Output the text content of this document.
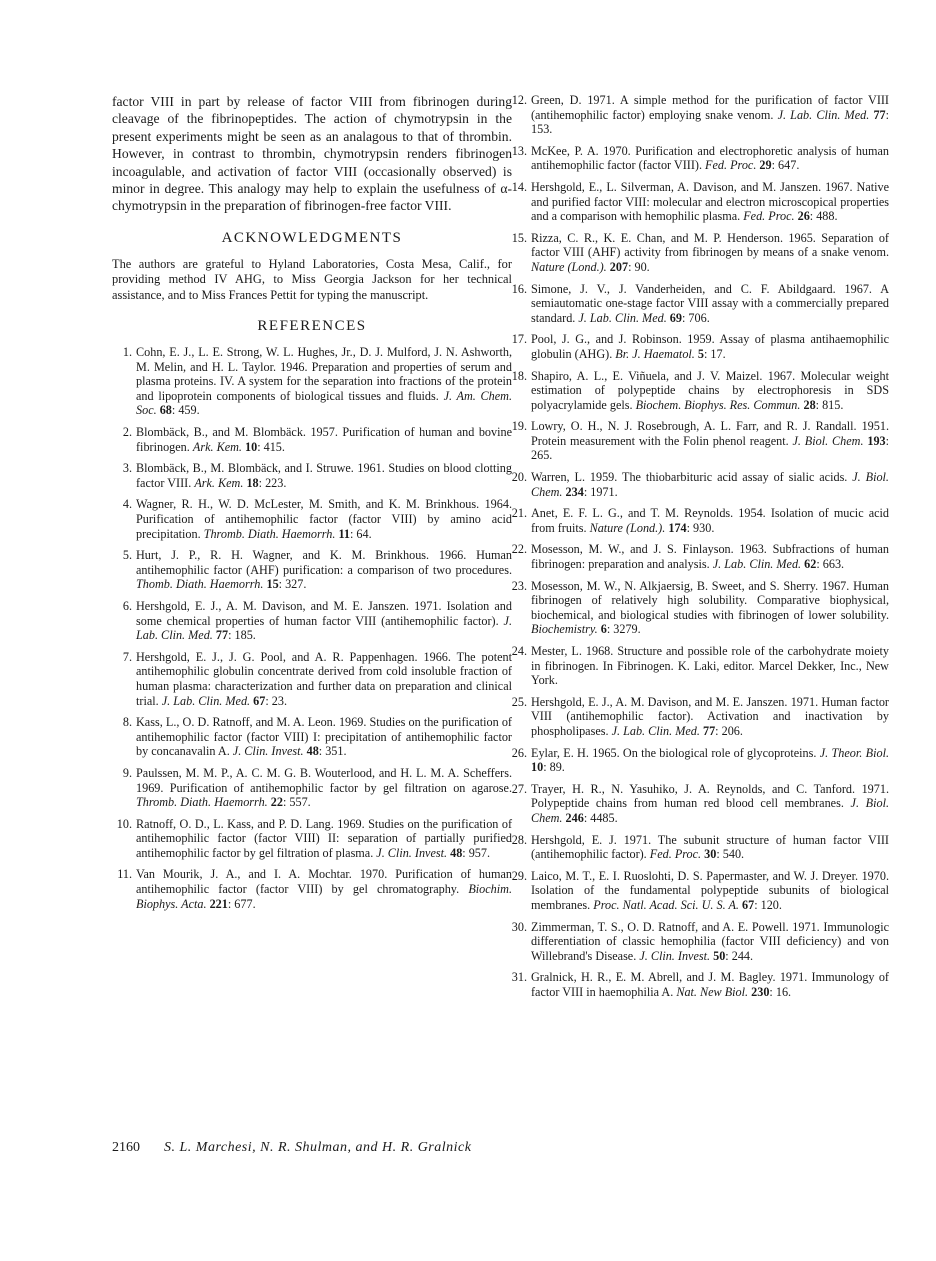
factor VIII in part by release of factor VIII from fibrinogen during cleavage of the fibrinopeptides. The action of chymotrypsin in the present experiments might be seen as an analagous to that of thrombin. However, in contrast to thrombin, chymotrypsin renders fibrinogen incoagulable, and activation of factor VIII (occasionally observed) is minor in degree. This analogy may help to explain the usefulness of α-chymotrypsin in the preparation of fibrinogen-free factor VIII.

ACKNOWLEDGMENTS

The authors are grateful to Hyland Laboratories, Costa Mesa, Calif., for providing method IV AHG, to Miss Georgia Jackson for her technical assistance, and to Miss Frances Pettit for typing the manuscript.

REFERENCES

1. Cohn, E. J., L. E. Strong, W. L. Hughes, Jr., D. J. Mulford, J. N. Ashworth, M. Melin, and H. L. Taylor. 1946. Preparation and properties of serum and plasma proteins. IV. A system for the separation into fractions of the protein and lipoprotein components of biological tissues and fluids. J. Am. Chem. Soc. 68: 459.

2. Blombäck, B., and M. Blombäck. 1957. Purification of human and bovine fibrinogen. Ark. Kem. 10: 415.

3. Blombäck, B., M. Blombäck, and I. Struwe. 1961. Studies on blood clotting factor VIII. Ark. Kem. 18: 223.

4. Wagner, R. H., W. D. McLester, M. Smith, and K. M. Brinkhous. 1964. Purification of antihemophilic factor (factor VIII) by amino acid precipitation. Thromb. Diath. Haemorrh. 11: 64.

5. Hurt, J. P., R. H. Wagner, and K. M. Brinkhous. 1966. Human antihemophilic factor (AHF) purification: a comparison of two procedures. Thomb. Diath. Haemorrh. 15: 327.

6. Hershgold, E. J., A. M. Davison, and M. E. Janszen. 1971. Isolation and some chemical properties of human factor VIII (antihemophilic factor). J. Lab. Clin. Med. 77: 185.

7. Hershgold, E. J., J. G. Pool, and A. R. Pappenhagen. 1966. The potent antihemophilic globulin concentrate derived from cold insoluble fraction of human plasma: characterization and further data on preparation and clinical trial. J. Lab. Clin. Med. 67: 23.

8. Kass, L., O. D. Ratnoff, and M. A. Leon. 1969. Studies on the purification of antihemophilic factor (factor VIII) I: precipitation of antihemophilic factor by concanavalin A. J. Clin. Invest. 48: 351.

9. Paulssen, M. M. P., A. C. M. G. B. Wouterlood, and H. L. M. A. Scheffers. 1969. Purification of antihemophilic factor by gel filtration on agarose. Thromb. Diath. Haemorrh. 22: 557.

10. Ratnoff, O. D., L. Kass, and P. D. Lang. 1969. Studies on the purification of antihemophilic factor (factor VIII) II: separation of partially purified antihemophilic factor by gel filtration of plasma. J. Clin. Invest. 48: 957.

11. Van Mourik, J. A., and I. A. Mochtar. 1970. Purification of human antihemophilic factor (factor VIII) by gel chromatography. Biochim. Biophys. Acta. 221: 677.

12. Green, D. 1971. A simple method for the purification of factor VIII (antihemophilic factor) employing snake venom. J. Lab. Clin. Med. 77: 153.

13. McKee, P. A. 1970. Purification and electrophoretic analysis of human antihemophilic factor (factor VIII). Fed. Proc. 29: 647.

14. Hershgold, E., L. Silverman, A. Davison, and M. Janszen. 1967. Native and purified factor VIII: molecular and electron microscopical properties and a comparison with hemophilic plasma. Fed. Proc. 26: 488.

15. Rizza, C. R., K. E. Chan, and M. P. Henderson. 1965. Separation of factor VIII (AHF) activity from fibrinogen by means of a snake venom. Nature (Lond.). 207: 90.

16. Simone, J. V., J. Vanderheiden, and C. F. Abildgaard. 1967. A semiautomatic one-stage factor VIII assay with a commercially prepared standard. J. Lab. Clin. Med. 69: 706.

17. Pool, J. G., and J. Robinson. 1959. Assay of plasma antihaemophilic globulin (AHG). Br. J. Haematol. 5: 17.

18. Shapiro, A. L., E. Viñuela, and J. V. Maizel. 1967. Molecular weight estimation of polypeptide chains by electrophoresis in SDS polyacrylamide gels. Biochem. Biophys. Res. Commun. 28: 815.

19. Lowry, O. H., N. J. Rosebrough, A. L. Farr, and R. J. Randall. 1951. Protein measurement with the Folin phenol reagent. J. Biol. Chem. 193: 265.

20. Warren, L. 1959. The thiobarbituric acid assay of sialic acids. J. Biol. Chem. 234: 1971.

21. Anet, E. F. L. G., and T. M. Reynolds. 1954. Isolation of mucic acid from fruits. Nature (Lond.). 174: 930.

22. Mosesson, M. W., and J. S. Finlayson. 1963. Subfractions of human fibrinogen: preparation and analysis. J. Lab. Clin. Med. 62: 663.

23. Mosesson, M. W., N. Alkjaersig, B. Sweet, and S. Sherry. 1967. Human fibrinogen of relatively high solubility. Comparative biophysical, biochemical, and biological studies with fibrinogen of lower solubility. Biochemistry. 6: 3279.

24. Mester, L. 1968. Structure and possible role of the carbohydrate moiety in fibrinogen. In Fibrinogen. K. Laki, editor. Marcel Dekker, Inc., New York.

25. Hershgold, E. J., A. M. Davison, and M. E. Janszen. 1971. Human factor VIII (antihemophilic factor). Activation and inactivation by phospholipases. J. Lab. Clin. Med. 77: 206.

26. Eylar, E. H. 1965. On the biological role of glycoproteins. J. Theor. Biol. 10: 89.

27. Trayer, H. R., N. Yasuhiko, J. A. Reynolds, and C. Tanford. 1971. Polypeptide chains from human red blood cell membranes. J. Biol. Chem. 246: 4485.

28. Hershgold, E. J. 1971. The subunit structure of human factor VIII (antihemophilic factor). Fed. Proc. 30: 540.

29. Laico, M. T., E. I. Ruoslohti, D. S. Papermaster, and W. J. Dreyer. 1970. Isolation of the fundamental polypeptide subunits of biological membranes. Proc. Natl. Acad. Sci. U. S. A. 67: 120.

30. Zimmerman, T. S., O. D. Ratnoff, and A. E. Powell. 1971. Immunologic differentiation of classic hemophilia (factor VIII deficiency) and von Willebrand's Disease. J. Clin. Invest. 50: 244.

31. Gralnick, H. R., E. M. Abrell, and J. M. Bagley. 1971. Immunology of factor VIII in haemophilia A. Nat. New Biol. 230: 16.

2160 S. L. Marchesi, N. R. Shulman, and H. R. Gralnick
